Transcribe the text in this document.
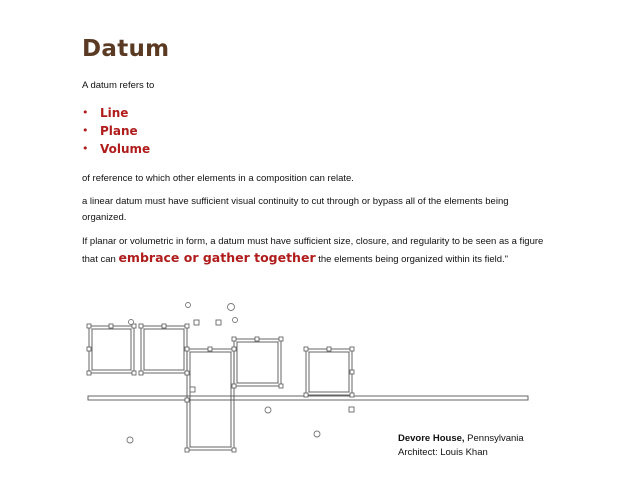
Datum
A datum refers to
• Line
• Plane
• Volume
of reference to which other elements in a composition can relate.
a linear datum must have sufficient visual continuity to cut through or bypass all of the elements being organized.
If planar or volumetric in form, a datum must have sufficient size, closure, and regularity to be seen as a figure that can embrace or gather together the elements being organized within its field."
Devore House, Pennsylvania
Architect: Louis Khan
